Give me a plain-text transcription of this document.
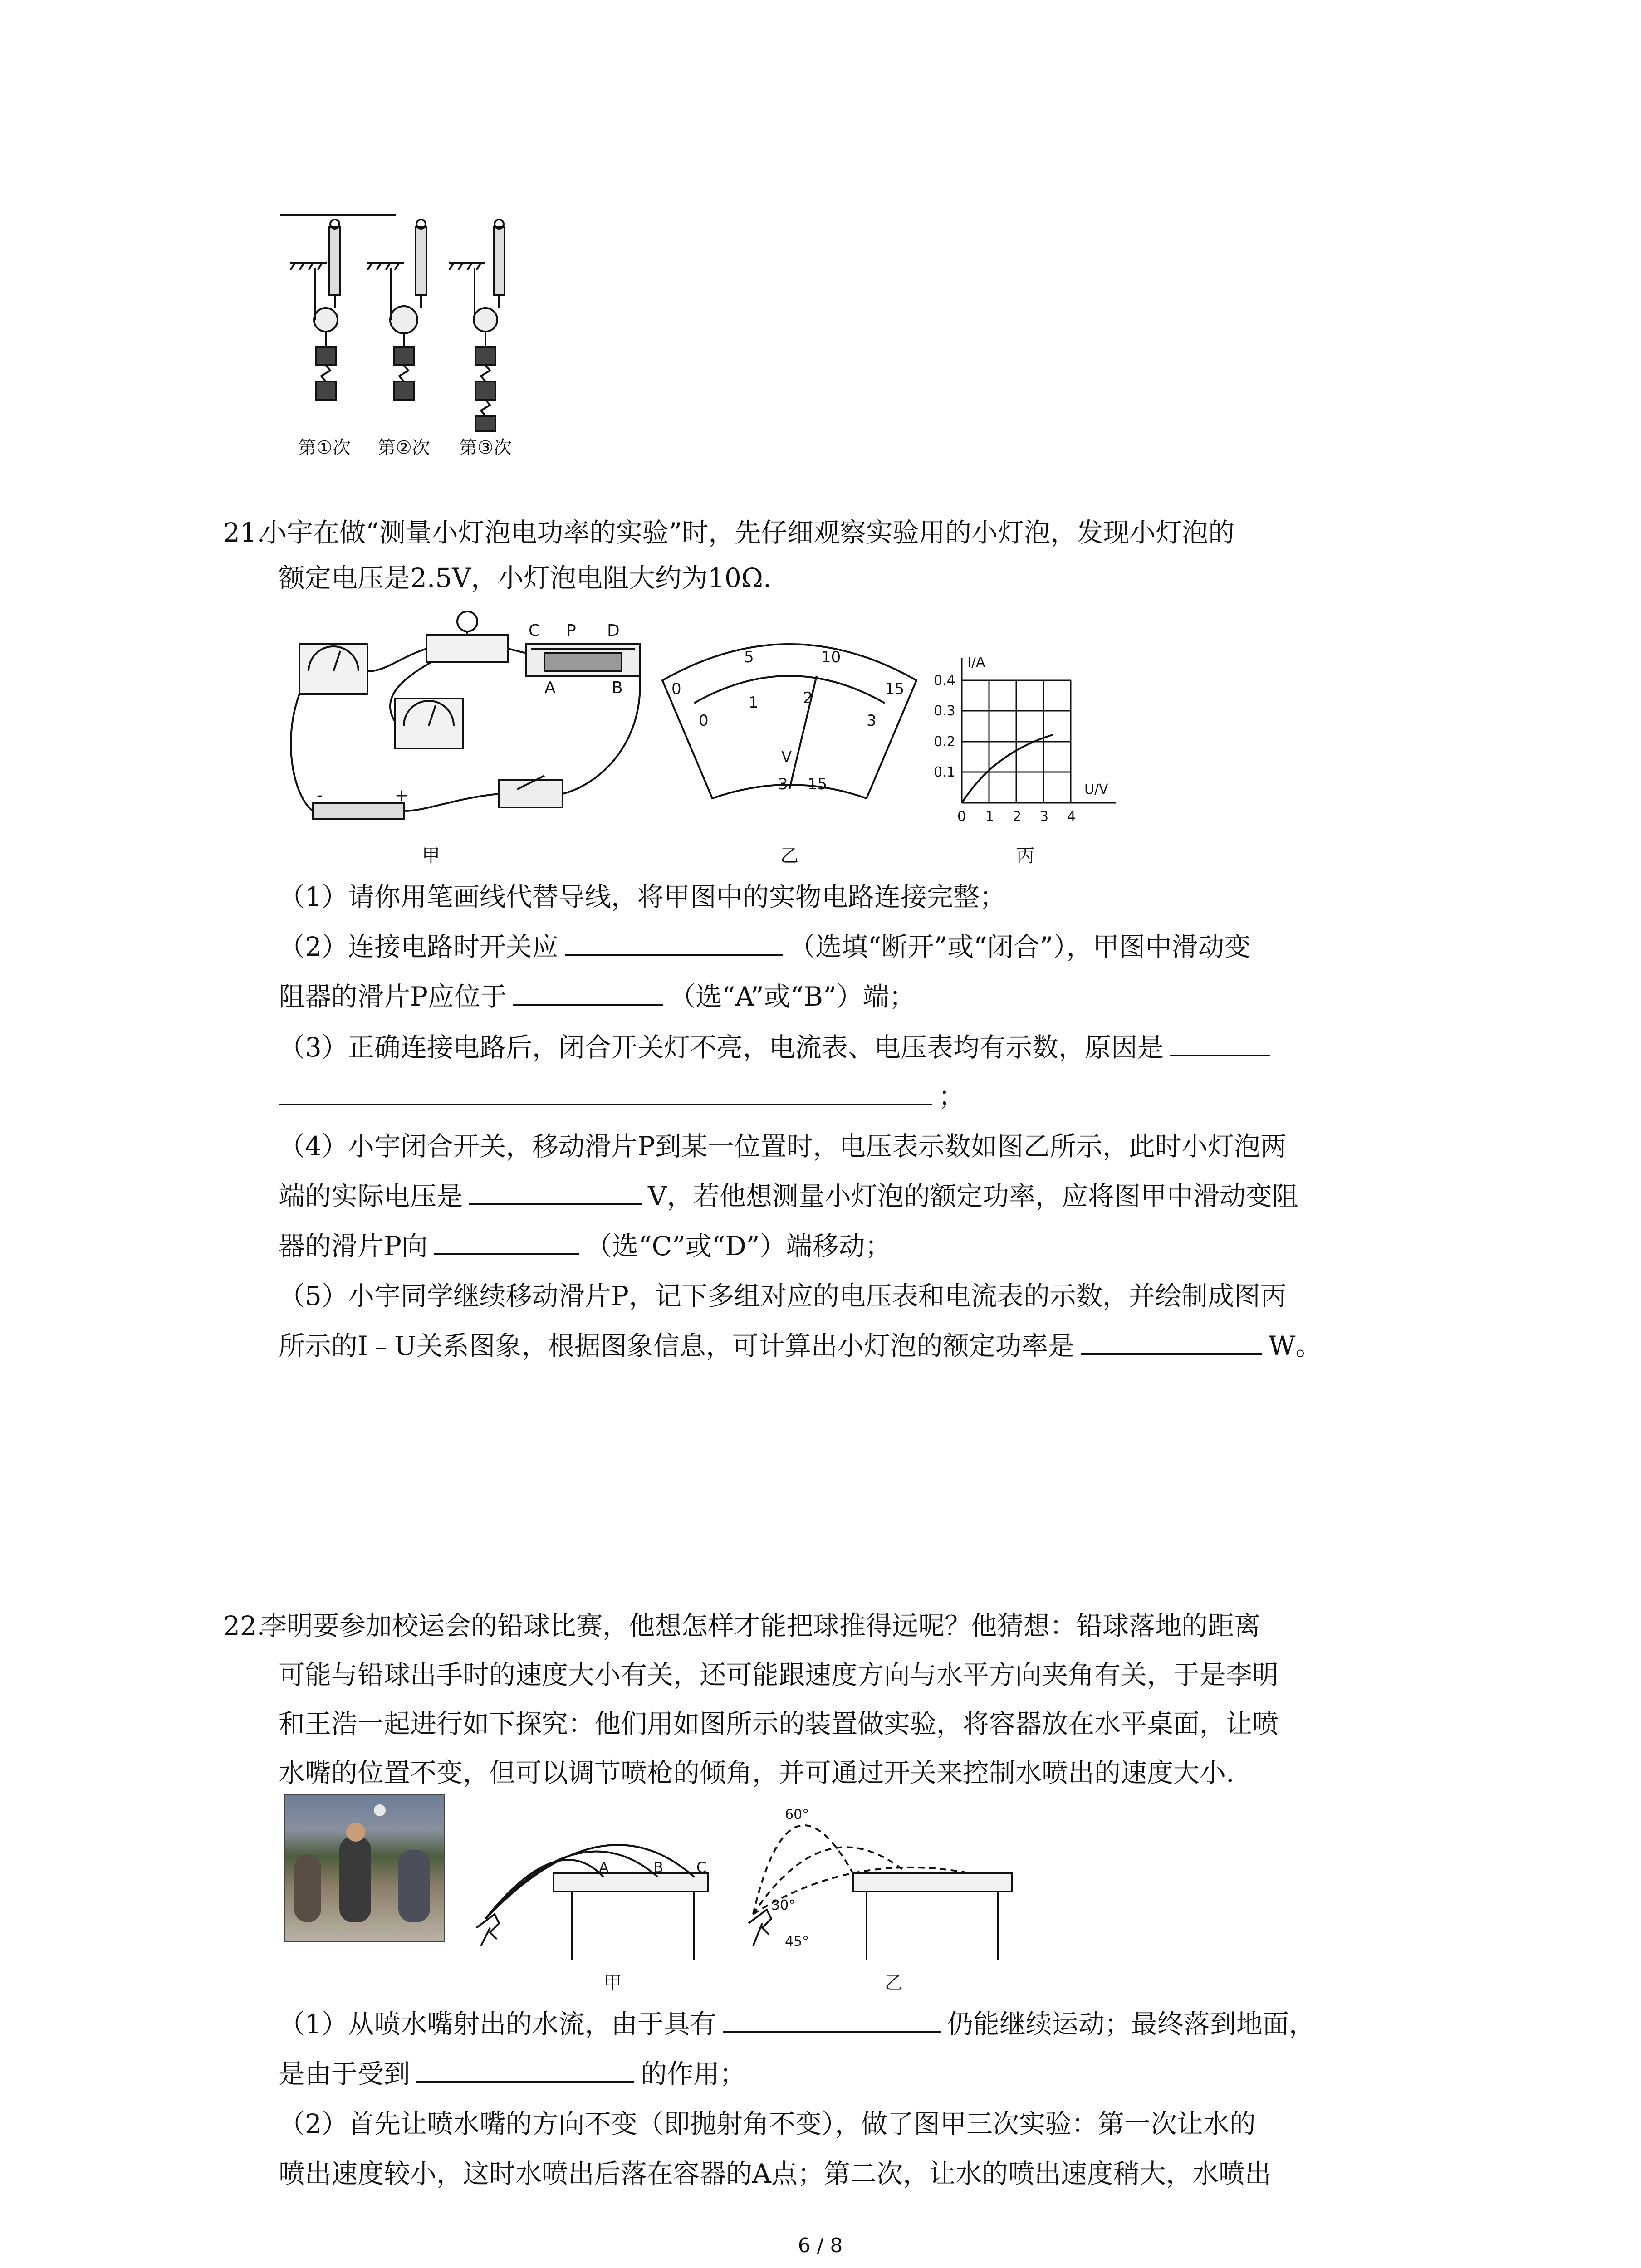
第①次	第②次	第③次
21.
小宇在做“测量小灯泡电功率的实验”时，先仔细观察实验用的小灯泡，发现小灯泡的
额定电压是2.5V，小灯泡电阻大约为10Ω.
C P D
A	B
-	+
0
5	10
15
0
1	2
3
V
3 15
I/A
U/V
0.4
0.3
0.2
0.1
0 1 2 3 4
甲	乙	丙
（1）请你用笔画线代替导线，将甲图中的实物电路连接完整；
（2）连接电路时开关应	（选填“断开”或“闭合”），甲图中滑动变
阻器的滑片P应位于	（选“A”或“B”）端；
（3）正确连接电路后，闭合开关灯不亮，电流表、电压表均有示数，原因是
；
（4）小宇闭合开关，移动滑片P到某一位置时，电压表示数如图乙所示，此时小灯泡两
端的实际电压是	V，若他想测量小灯泡的额定功率，应将图甲中滑动变阻
器的滑片P向	（选“C”或“D”）端移动；
（5）小宇同学继续移动滑片P，记下多组对应的电压表和电流表的示数，并绘制成图丙
所示的I﹣U关系图象，根据图象信息，可计算出小灯泡的额定功率是	W。
22.
李明要参加校运会的铅球比赛，他想怎样才能把球推得远呢？他猜想：铅球落地的距离
可能与铅球出手时的速度大小有关，还可能跟速度方向与水平方向夹角有关，于是李明
和王浩一起进行如下探究：他们用如图所示的装置做实验，将容器放在水平桌面，让喷
水嘴的位置不变，但可以调节喷枪的倾角，并可通过开关来控制水喷出的速度大小.
A	B C
60°
30°
45°
甲	乙
（1）从喷水嘴射出的水流，由于具有	仍能继续运动；最终落到地面，
是由于受到	的作用；
（2）首先让喷水嘴的方向不变（即抛射角不变），做了图甲三次实验：第一次让水的
喷出速度较小，这时水喷出后落在容器的A点；第二次，让水的喷出速度稍大，水喷出
6 / 8
